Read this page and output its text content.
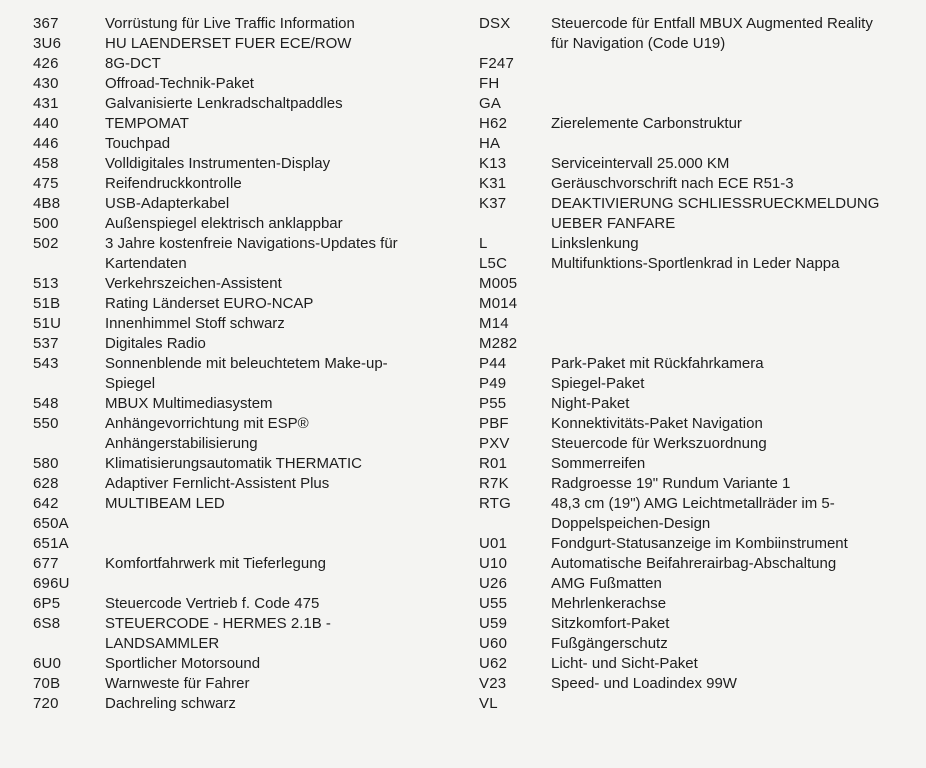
367	Vorrüstung für Live Traffic Information
3U6	HU LAENDERSET FUER ECE/ROW
426	8G-DCT
430	Offroad-Technik-Paket
431	Galvanisierte Lenkradschaltpaddles
440	TEMPOMAT
446	Touchpad
458	Volldigitales Instrumenten-Display
475	Reifendruckkontrolle
4B8	USB-Adapterkabel
500	Außenspiegel elektrisch anklappbar
502	3 Jahre kostenfreie Navigations-Updates für Kartendaten
513	Verkehrszeichen-Assistent
51B	Rating Länderset EURO-NCAP
51U	Innenhimmel Stoff schwarz
537	Digitales Radio
543	Sonnenblende mit beleuchtetem Make-up-Spiegel
548	MBUX Multimediasystem
550	Anhängevorrichtung mit ESP® Anhängerstabilisierung
580	Klimatisierungsautomatik THERMATIC
628	Adaptiver Fernlicht-Assistent Plus
642	MULTIBEAM LED
650A
651A
677	Komfortfahrwerk mit Tieferlegung
696U
6P5	Steuercode Vertrieb f. Code 475
6S8	STEUERCODE - HERMES 2.1B - LANDSAMMLER
6U0	Sportlicher Motorsound
70B	Warnweste für Fahrer
720	Dachreling schwarz
DSX	Steuercode für Entfall MBUX Augmented Reality für Navigation (Code U19)
F247
FH
GA
H62	Zierelemente Carbonstruktur
HA
K13	Serviceintervall 25.000 KM
K31	Geräuschvorschrift nach ECE R51-3
K37	DEAKTIVIERUNG SCHLIESSRUECKMELDUNG UEBER FANFARE
L	Linkslenkung
L5C	Multifunktions-Sportlenkrad in Leder Nappa
M005
M014
M14
M282
P44	Park-Paket mit Rückfahrkamera
P49	Spiegel-Paket
P55	Night-Paket
PBF	Konnektivitäts-Paket Navigation
PXV	Steuercode für Werkszuordnung
R01	Sommerreifen
R7K	Radgroesse 19" Rundum Variante 1
RTG	48,3 cm (19") AMG Leichtmetallräder im 5-Doppelspeichen-Design
U01	Fondgurt-Statusanzeige im Kombiinstrument
U10	Automatische Beifahrerairbag-Abschaltung
U26	AMG Fußmatten
U55	Mehrlenkerachse
U59	Sitzkomfort-Paket
U60	Fußgängerschutz
U62	Licht- und Sicht-Paket
V23	Speed- und Loadindex 99W
VL
